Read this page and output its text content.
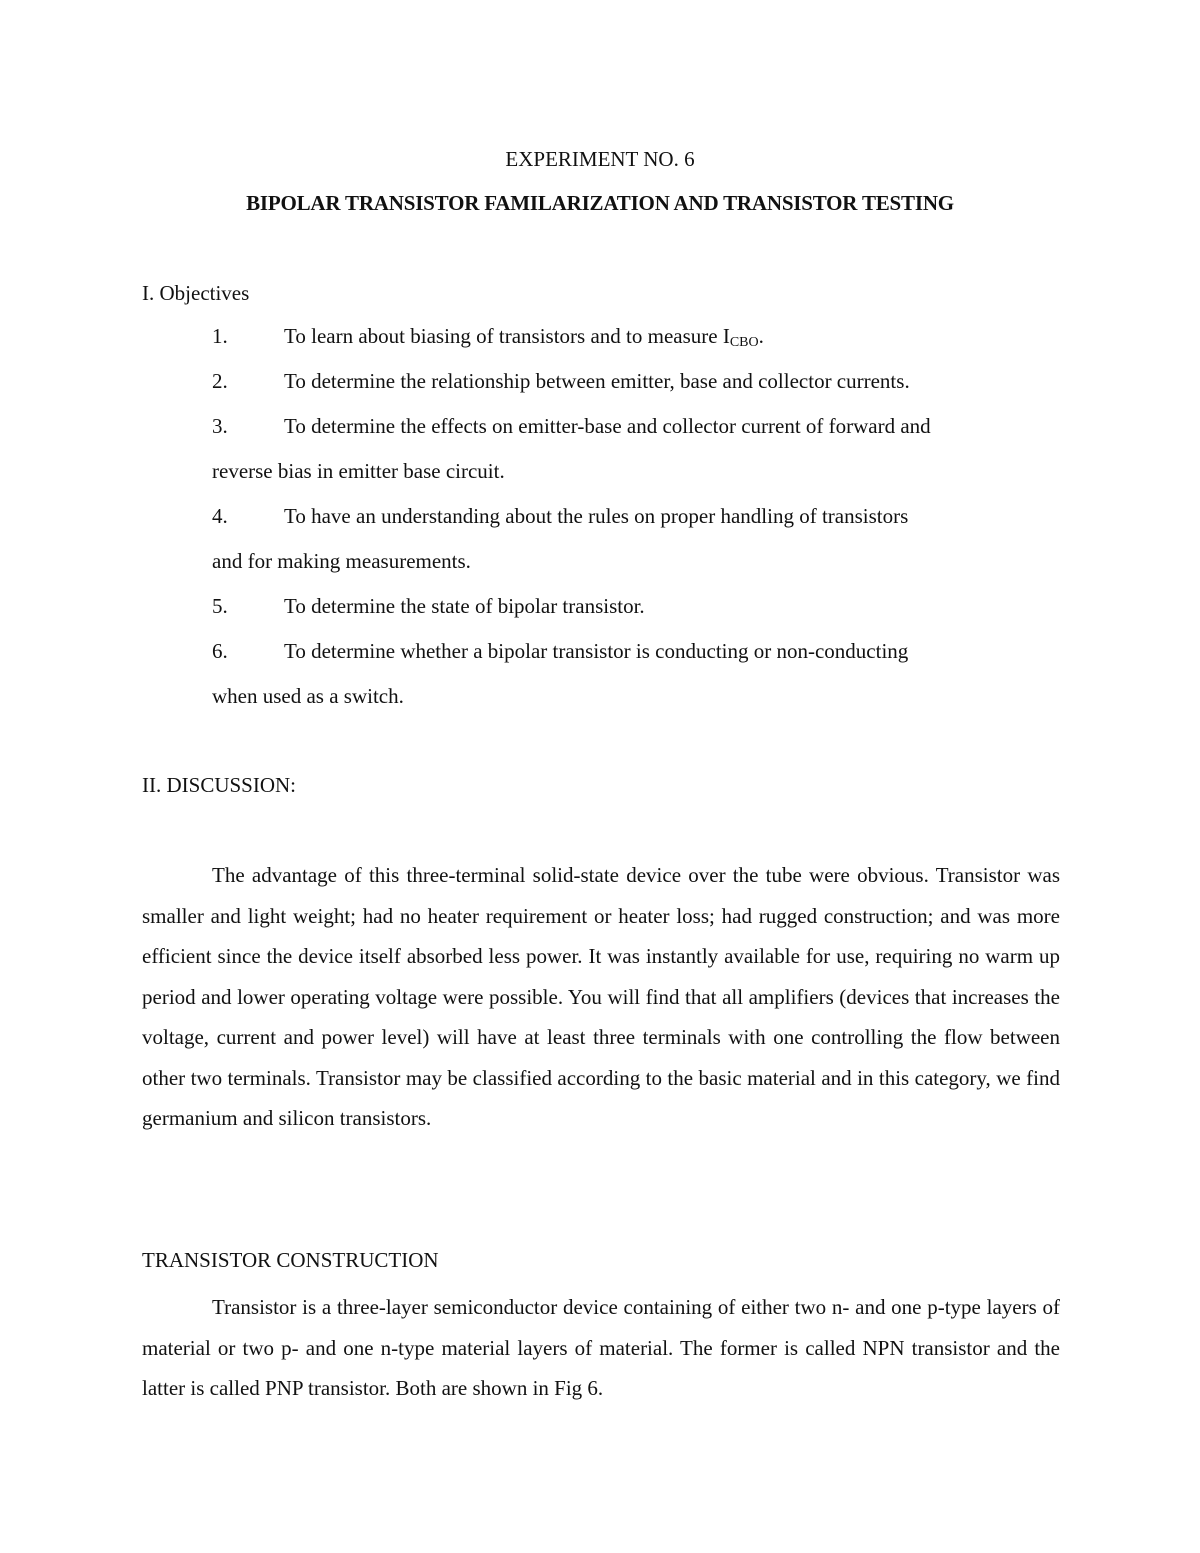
EXPERIMENT NO. 6
BIPOLAR TRANSISTOR FAMILARIZATION AND TRANSISTOR TESTING
I. Objectives
1.	To learn about biasing of transistors and to measure $I_{CBO}$.
2.	To determine the relationship between emitter, base and collector currents.
3.	To determine the effects on emitter-base and collector current of forward and
reverse bias in emitter base circuit.
4.	To have an understanding about the rules on proper handling of transistors
and for making measurements.
5.	To determine the state of bipolar transistor.
6.	To determine whether a bipolar transistor is conducting or non-conducting
when used as a switch.
II. DISCUSSION:
The advantage of this three-terminal solid-state device over the tube were obvious. Transistor was smaller and light weight; had no heater requirement or heater loss; had rugged construction; and was more efficient since the device itself absorbed less power. It was instantly available for use, requiring no warm up period and lower operating voltage were possible. You will find that all amplifiers (devices that increases the voltage, current and power level) will have at least three terminals with one controlling the flow between other two terminals. Transistor may be classified according to the basic material and in this category, we find germanium and silicon transistors.
TRANSISTOR CONSTRUCTION
Transistor is a three-layer semiconductor device containing of either two n- and one p-type layers of material or two p- and one n-type material layers of material. The former is called NPN transistor and the latter is called PNP transistor. Both are shown in Fig 6.
